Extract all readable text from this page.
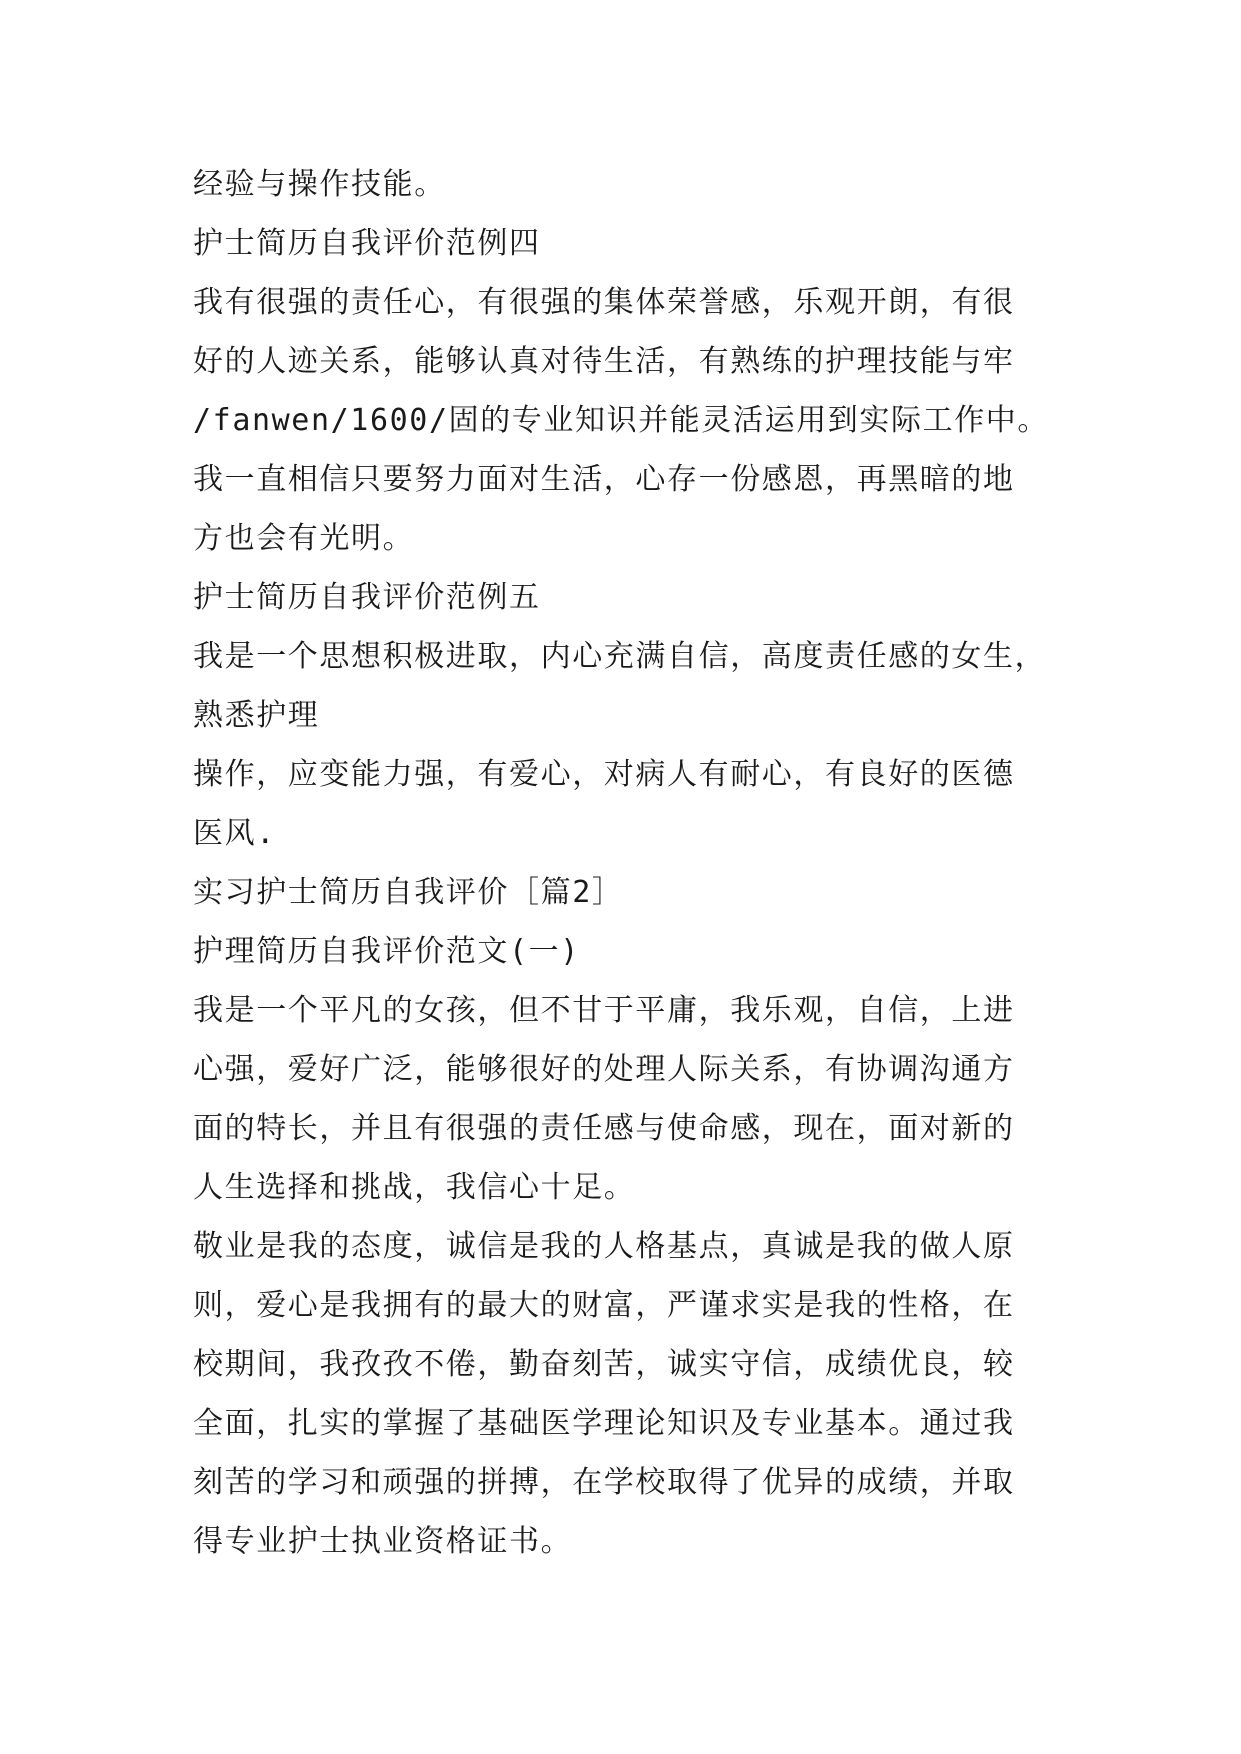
经验与操作技能。

护士简历自我评价范例四

我有很强的责任心，有很强的集体荣誉感，乐观开朗，有很

好的人迹关系，能够认真对待生活，有熟练的护理技能与牢

/fanwen/1600/固的专业知识并能灵活运用到实际工作中。

我一直相信只要努力面对生活，心存一份感恩，再黑暗的地

方也会有光明。

护士简历自我评价范例五

我是一个思想积极进取，内心充满自信，高度责任感的女生，

熟悉护理

操作，应变能力强，有爱心，对病人有耐心，有良好的医德

医风.

实习护士简历自我评价［篇2］

护理简历自我评价范文(一)

我是一个平凡的女孩，但不甘于平庸，我乐观，自信，上进

心强，爱好广泛，能够很好的处理人际关系，有协调沟通方

面的特长，并且有很强的责任感与使命感，现在，面对新的

人生选择和挑战，我信心十足。

敬业是我的态度，诚信是我的人格基点，真诚是我的做人原

则，爱心是我拥有的最大的财富，严谨求实是我的性格，在

校期间，我孜孜不倦，勤奋刻苦，诚实守信，成绩优良，较

全面，扎实的掌握了基础医学理论知识及专业基本。通过我

刻苦的学习和顽强的拼搏，在学校取得了优异的成绩，并取

得专业护士执业资格证书。
